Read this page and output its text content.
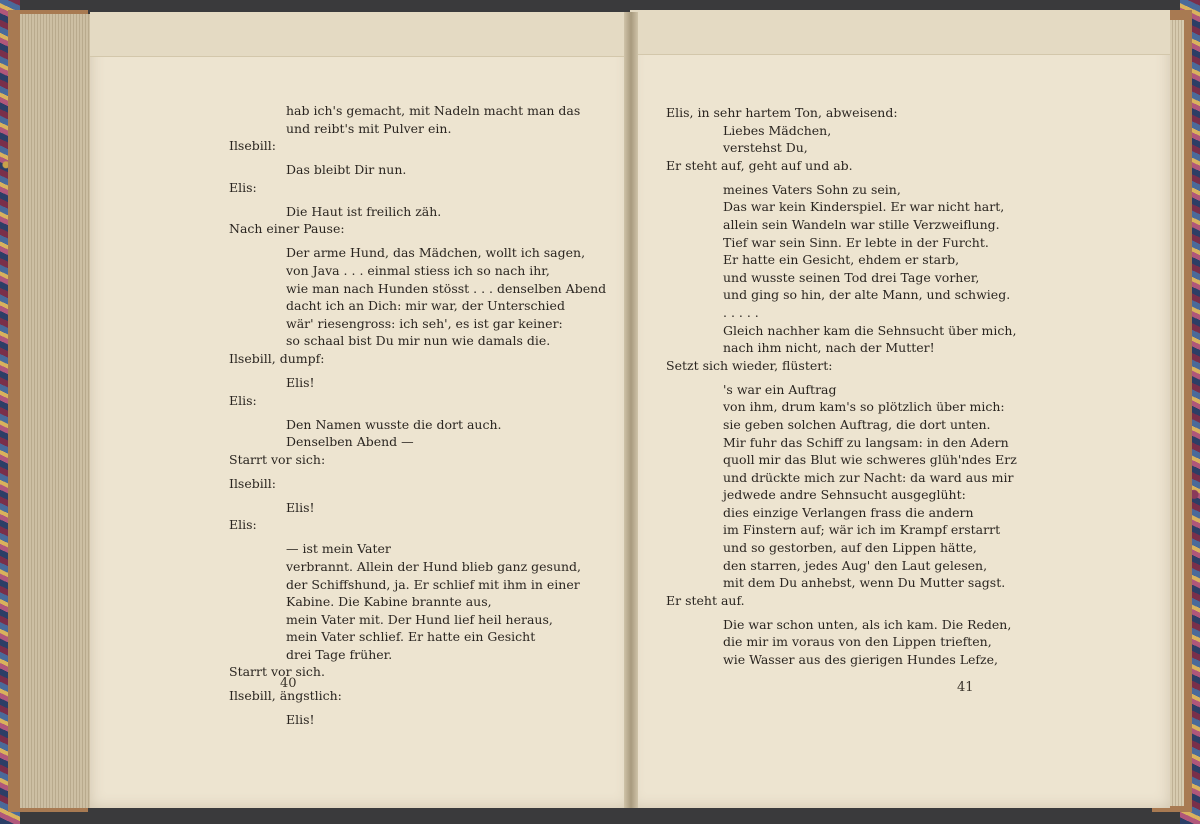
hab ich's gemacht, mit Nadeln macht man das
und reibt's mit Pulver ein.
Ilsebill:
Das bleibt Dir nun.
Elis:
Die Haut ist freilich zäh.
Nach einer Pause:
Der arme Hund, das Mädchen, wollt ich sagen,
von Java . . . einmal stiess ich so nach ihr,
wie man nach Hunden stösst . . . denselben Abend
dacht ich an Dich: mir war, der Unterschied
wär' riesengross: ich seh', es ist gar keiner:
so schaal bist Du mir nun wie damals die.
Ilsebill, dumpf:
Elis!
Elis:
Den Namen wusste die dort auch.
Denselben Abend —
Starrt vor sich:
Ilsebill:
Elis!
Elis:
— ist mein Vater
verbrannt. Allein der Hund blieb ganz gesund,
der Schiffshund, ja. Er schlief mit ihm in einer
Kabine. Die Kabine brannte aus,
mein Vater mit. Der Hund lief heil heraus,
mein Vater schlief. Er hatte ein Gesicht
drei Tage früher.
Starrt vor sich.
Ilsebill, ängstlich:
Elis!
Elis, in sehr hartem Ton, abweisend:
Liebes Mädchen,
verstehst Du,
Er steht auf, geht auf und ab.
meines Vaters Sohn zu sein,
Das war kein Kinderspiel. Er war nicht hart,
allein sein Wandeln war stille Verzweiflung.
Tief war sein Sinn. Er lebte in der Furcht.
Er hatte ein Gesicht, ehdem er starb,
und wusste seinen Tod drei Tage vorher,
und ging so hin, der alte Mann, und schwieg.
. . . . .
Gleich nachher kam die Sehnsucht über mich,
nach ihm nicht, nach der Mutter!
Setzt sich wieder, flüstert:
's war ein Auftrag
von ihm, drum kam's so plötzlich über mich:
sie geben solchen Auftrag, die dort unten.
Mir fuhr das Schiff zu langsam: in den Adern
quoll mir das Blut wie schweres glüh'ndes Erz
und drückte mich zur Nacht: da ward aus mir
jedwede andre Sehnsucht ausgeglüht:
dies einzige Verlangen frass die andern
im Finstern auf; wär ich im Krampf erstarrt
und so gestorben, auf den Lippen hätte,
den starren, jedes Aug' den Laut gelesen,
mit dem Du anhebst, wenn Du Mutter sagst.
Er steht auf.
Die war schon unten, als ich kam. Die Reden,
die mir im voraus von den Lippen trieften,
wie Wasser aus des gierigen Hundes Lefze,
40	41
